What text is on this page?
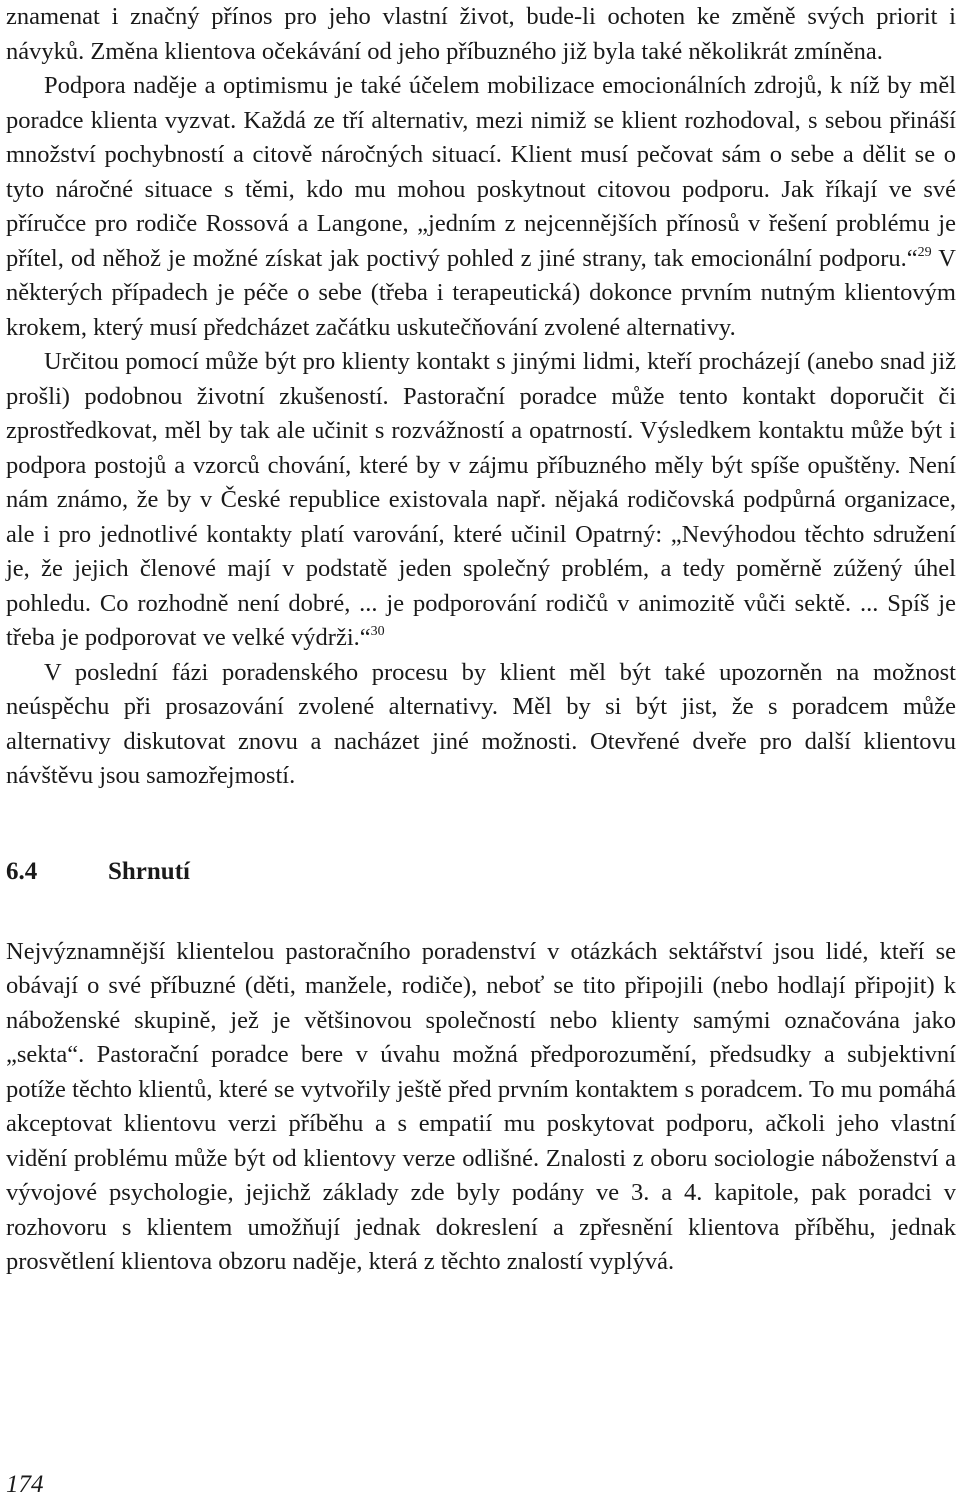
znamenat i značný přínos pro jeho vlastní život, bude-li ochoten ke změně svých priorit i návyků. Změna klientova očekávání od jeho příbuzného již byla také několikrát zmíněna.

Podpora naděje a optimismu je také účelem mobilizace emocionálních zdrojů, k níž by měl poradce klienta vyzvat. Každá ze tří alternativ, mezi nimiž se klient rozhodoval, s sebou přináší množství pochybností a citově náročných situací. Klient musí pečovat sám o sebe a dělit se o tyto náročné situace s těmi, kdo mu mohou poskytnout citovou podporu. Jak říkají ve své příručce pro rodiče Rossová a Langone, „jedním z nejcennějších přínosů v řešení problému je přítel, od něhož je možné získat jak poctivý pohled z jiné strany, tak emocionální podporu.“$^{29}$ V některých případech je péče o sebe (třeba i terapeutická) dokonce prvním nutným klientovým krokem, který musí předcházet začátku uskutečňování zvolené alternativy.

Určitou pomocí může být pro klienty kontakt s jinými lidmi, kteří procházejí (anebo snad již prošli) podobnou životní zkušeností. Pastorační poradce může tento kontakt doporučit či zprostředkovat, měl by tak ale učinit s rozvážností a opatrností. Výsledkem kontaktu může být i podpora postojů a vzorců chování, které by v zájmu příbuzného měly být spíše opuštěny. Není nám známo, že by v České republice existovala např. nějaká rodičovská podpůrná organizace, ale i pro jednotlivé kontakty platí varování, které učinil Opatrný: „Nevýhodou těchto sdružení je, že jejich členové mají v podstatě jeden společný problém, a tedy poměrně zúžený úhel pohledu. Co rozhodně není dobré, ... je podporování rodičů v animozitě vůči sektě. ... Spíš je třeba je podporovat ve velké výdrži.“$^{30}$

V poslední fázi poradenského procesu by klient měl být také upozorněn na možnost neúspěchu při prosazování zvolené alternativy. Měl by si být jist, že s poradcem může alternativy diskutovat znovu a nacházet jiné možnosti. Otevřené dveře pro další klientovu návštěvu jsou samozřejmostí.

6.4	Shrnutí

Nejvýznamnější klientelou pastoračního poradenství v otázkách sektářství jsou lidé, kteří se obávají o své příbuzné (děti, manžele, rodiče), neboť se tito připojili (nebo hodlají připojit) k náboženské skupině, jež je většinovou společností nebo klienty samými označována jako „sekta“. Pastorační poradce bere v úvahu možná předporozumění, předsudky a subjektivní potíže těchto klientů, které se vytvořily ještě před prvním kontaktem s poradcem. To mu pomáhá akceptovat klientovu verzi příběhu a s empatií mu poskytovat podporu, ačkoli jeho vlastní vidění problému může být od klientovy verze odlišné. Znalosti z oboru sociologie náboženství a vývojové psychologie, jejichž základy zde byly podány ve 3. a 4. kapitole, pak poradci v rozhovoru s klientem umožňují jednak dokreslení a zpřesnění klientova příběhu, jednak prosvětlení klientova obzoru naděje, která z těchto znalostí vyplývá.

174
